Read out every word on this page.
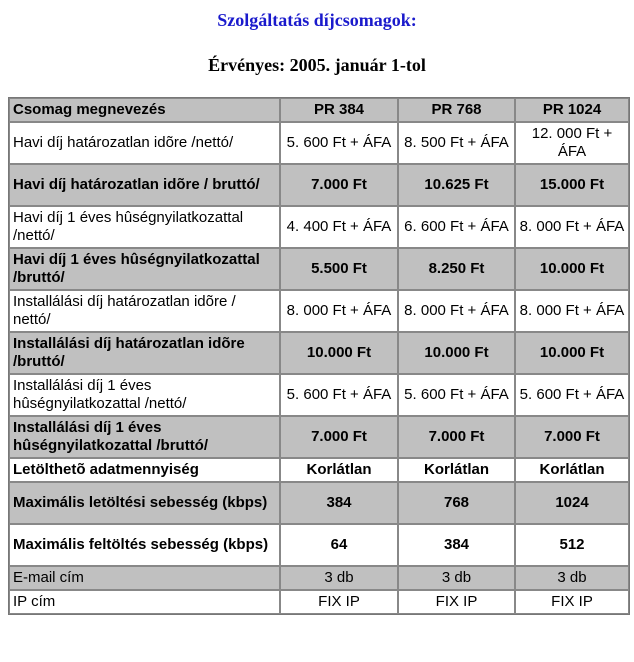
Szolgáltatás díjcsomagok:
Érvényes: 2005. január 1-tol
Csomag megnevezés	PR 384	PR 768	PR 1024
Havi díj határozatlan idõre /nettó/	5. 600 Ft + ÁFA	8. 500 Ft + ÁFA	12. 000 Ft + ÁFA
Havi díj határozatlan idõre / bruttó/	7.000 Ft	10.625 Ft	15.000 Ft
Havi díj 1 éves hûségnyilatkozattal /nettó/	4. 400 Ft + ÁFA	6. 600 Ft + ÁFA	8. 000 Ft + ÁFA
Havi díj 1 éves hûségnyilatkozattal /bruttó/	5.500 Ft	8.250 Ft	10.000 Ft
Installálási díj határozatlan idõre / nettó/	8. 000 Ft + ÁFA	8. 000 Ft + ÁFA	8. 000 Ft + ÁFA
Installálási díj határozatlan idõre /bruttó/	10.000 Ft	10.000 Ft	10.000 Ft
Installálási díj 1 éves hûségnyilatkozattal /nettó/	5. 600 Ft + ÁFA	5. 600 Ft + ÁFA	5. 600 Ft + ÁFA
Installálási díj 1 éves hûségnyilatkozattal /bruttó/	7.000 Ft	7.000 Ft	7.000 Ft
Letölthetõ adatmennyiség	Korlátlan	Korlátlan	Korlátlan
Maximális letöltési sebesség (kbps)	384	768	1024
Maximális feltöltés sebesség (kbps)	64	384	512
E-mail cím	3 db	3 db	3 db
IP cím	FIX IP	FIX IP	FIX IP
